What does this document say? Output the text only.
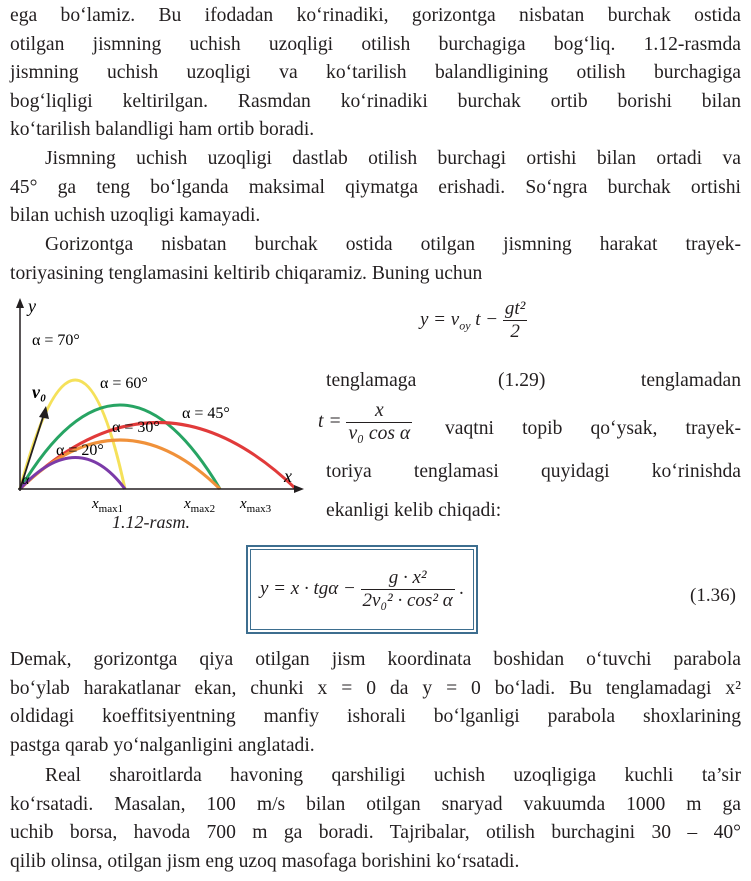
ega bo‘lamiz. Bu ifodadan ko‘rinadiki, gorizontga nisbatan burchak ostida
otilgan jismning uchish uzoqligi otilish burchagiga bog‘liq. 1.12-rasmda
jismning uchish uzoqligi va ko‘tarilish balandligining otilish burchagiga
bog‘liqligi keltirilgan. Rasmdan ko‘rinadiki burchak ortib borishi bilan
ko‘tarilish balandligi ham ortib boradi.
Jismning uchish uzoqligi dastlab otilish burchagi ortishi bilan ortadi va
45° ga teng bo‘lganda maksimal qiymatga erishadi. So‘ngra burchak ortishi
bilan uchish uzoqligi kamayadi.
Gorizontga nisbatan burchak ostida otilgan jismning harakat trayek-
toriyasining tenglamasini keltirib chiqaramiz. Buning uchun
y
x
v₀
α
α = 70°
α = 60°
α = 45°
α = 30°
α = 20°
$x_{max1}$	$x_{max2}$ $x_{max3}$
1.12-rasm.
$y = v_{oy}$ $t - \frac{\text{gt²}}{2}$
tenglamaga	(1.29)	tenglamadan
$t = \frac{x}{\text{v₀ cos α}}$ vaqtni topib qo‘ysak, trayek-
toriya tenglamasi quyidagi ko‘rinishda
ekanligi kelib chiqadi:
$y = x \cdot tg\alpha - \frac{\text{g · x²}}{\text{2v₀² · cos² α}}$ .	(1.36)
Demak, gorizontga qiya otilgan jism koordinata boshidan o‘tuvchi parabola
bo‘ylab harakatlanar ekan, chunki x = 0 da y = 0 bo‘ladi. Bu tenglamadagi x²
oldidagi koeffitsiyentning manfiy ishorali bo‘lganligi parabola shoxlarining
pastga qarab yo‘nalganligini anglatadi.
Real sharoitlarda havoning qarshiligi uchish uzoqligiga kuchli ta’sir
ko‘rsatadi. Masalan, 100 m/s bilan otilgan snaryad vakuumda 1000 m ga
uchib borsa, havoda 700 m ga boradi. Tajribalar, otilish burchagini 30 – 40°
qilib olinsa, otilgan jism eng uzoq masofaga borishini ko‘rsatadi.
